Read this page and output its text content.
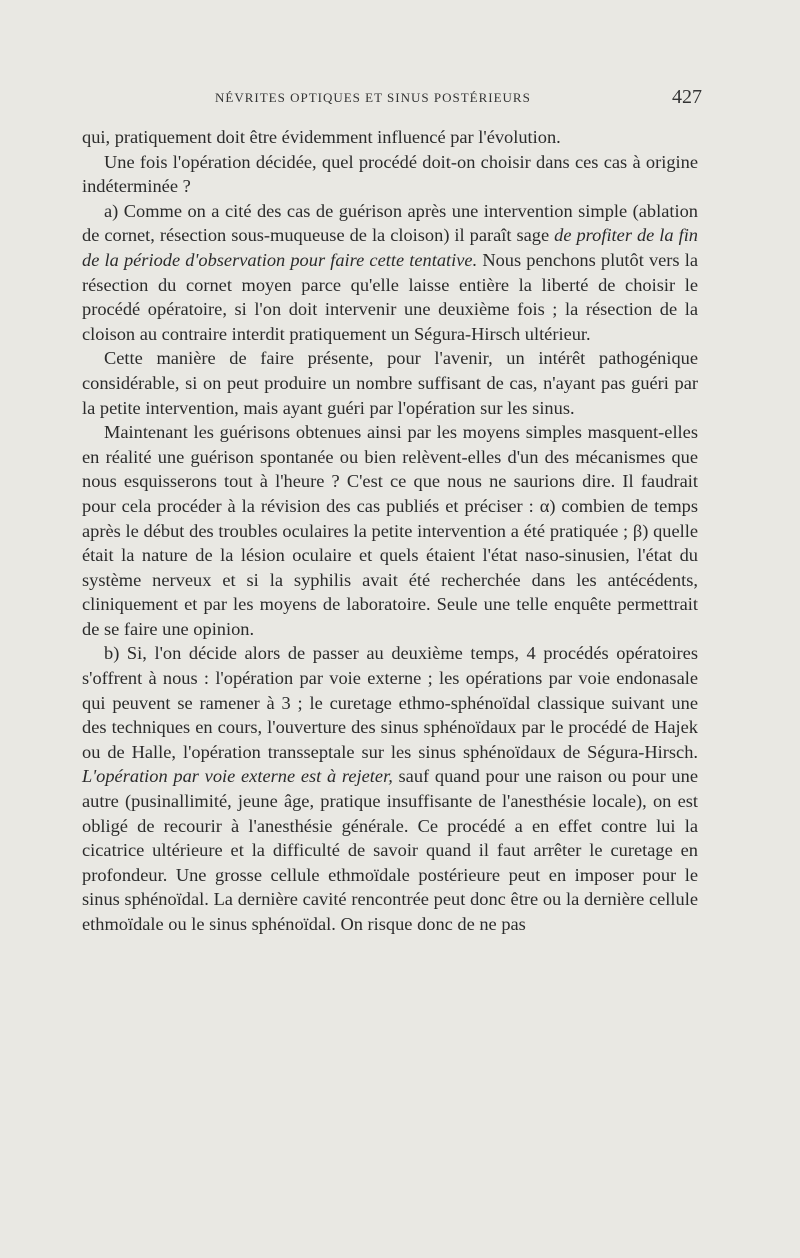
NÉVRITES OPTIQUES ET SINUS POSTÉRIEURS	427

qui, pratiquement doit être évidemment influencé par l'évolution.

Une fois l'opération décidée, quel procédé doit-on choisir dans ces cas à origine indéterminée ?

a) Comme on a cité des cas de guérison après une intervention simple (ablation de cornet, résection sous-muqueuse de la cloison) il paraît sage de profiter de la fin de la période d'observation pour faire cette tentative. Nous penchons plutôt vers la résection du cornet moyen parce qu'elle laisse entière la liberté de choisir le procédé opératoire, si l'on doit intervenir une deuxième fois ; la résection de la cloison au contraire interdit pratiquement un Ségura-Hirsch ultérieur.

Cette manière de faire présente, pour l'avenir, un intérêt pathogénique considérable, si on peut produire un nombre suffisant de cas, n'ayant pas guéri par la petite intervention, mais ayant guéri par l'opération sur les sinus.

Maintenant les guérisons obtenues ainsi par les moyens simples masquent-elles en réalité une guérison spontanée ou bien relèvent-elles d'un des mécanismes que nous esquisserons tout à l'heure ? C'est ce que nous ne saurions dire. Il faudrait pour cela procéder à la révision des cas publiés et préciser : α) combien de temps après le début des troubles oculaires la petite intervention a été pratiquée ; β) quelle était la nature de la lésion oculaire et quels étaient l'état naso-sinusien, l'état du système nerveux et si la syphilis avait été recherchée dans les antécédents, cliniquement et par les moyens de laboratoire. Seule une telle enquête permettrait de se faire une opinion.

b) Si, l'on décide alors de passer au deuxième temps, 4 procédés opératoires s'offrent à nous : l'opération par voie externe ; les opérations par voie endonasale qui peuvent se ramener à 3 ; le curetage ethmo-sphénoïdal classique suivant une des techniques en cours, l'ouverture des sinus sphénoïdaux par le procédé de Hajek ou de Halle, l'opération transseptale sur les sinus sphénoïdaux de Ségura-Hirsch. L'opération par voie externe est à rejeter, sauf quand pour une raison ou pour une autre (pusinallimité, jeune âge, pratique insuffisante de l'anesthésie locale), on est obligé de recourir à l'anesthésie générale. Ce procédé a en effet contre lui la cicatrice ultérieure et la difficulté de savoir quand il faut arrêter le curetage en profondeur. Une grosse cellule ethmoïdale postérieure peut en imposer pour le sinus sphénoïdal. La dernière cavité rencontrée peut donc être ou la dernière cellule ethmoïdale ou le sinus sphénoïdal. On risque donc de ne pas
